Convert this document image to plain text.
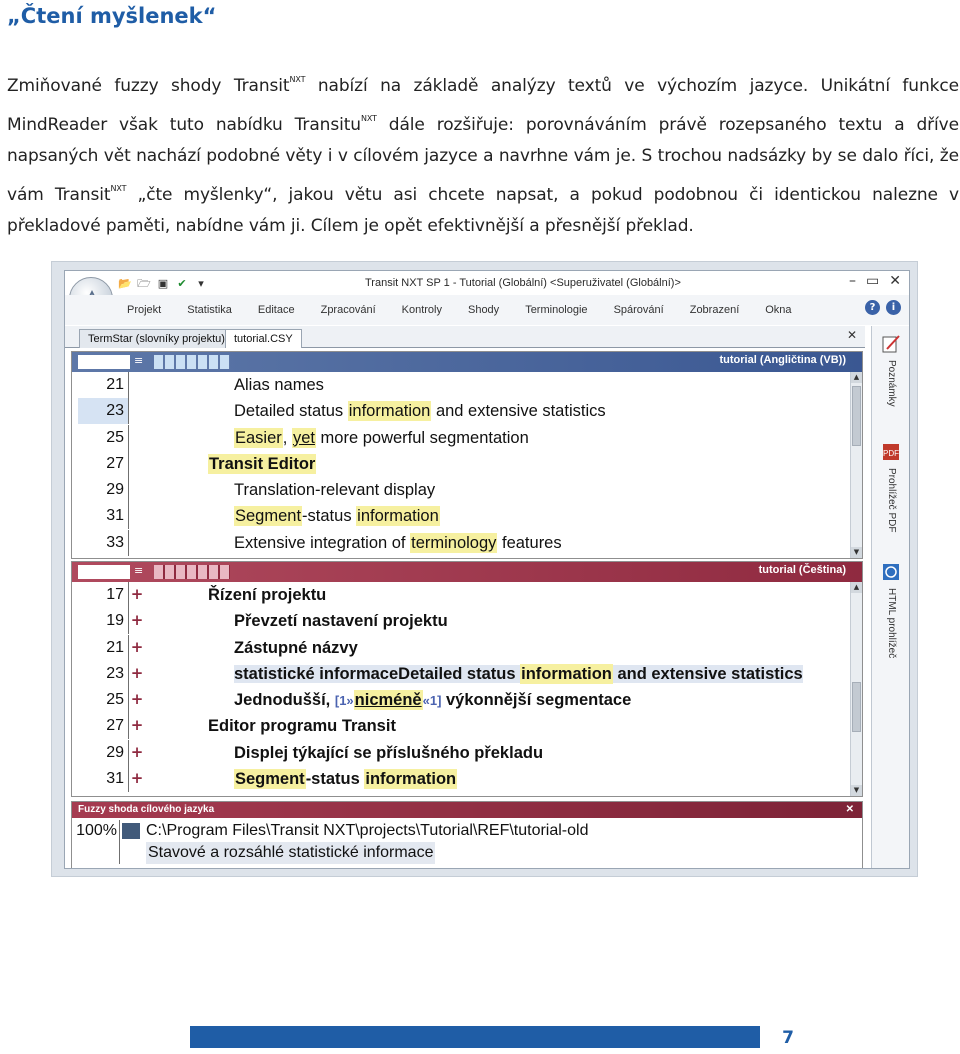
„Čtení myšlenek“
Zmiňované fuzzy shody Transit$^{NXT}$ nabízí na základě analýzy textů ve výchozím jazyce. Unikátní funkce MindReader však tuto nabídku Transitu$^{NXT}$ dále rozšiřuje: porovnáváním právě rozepsaného textu a dříve napsaných vět nachází podobné věty i v cílovém jazyce a navrhne vám je. S trochou nadsázky by se dalo říci, že vám Transit$^{NXT}$ „čte myšlenky“, jakou větu asi chcete napsat, a pokud podobnou či identickou nalezne v překladové paměti, nabídne vám ji. Cílem je opět efektivnější a přesnější překlad.
📂 🗁 ▣ ✔	▾	Transit NXT SP 1 - Tutorial (Globální) <Superuživatel (Globální)>	– ▭ ✕
Projekt Statistika Editace Zpracování Kontroly Shody Terminologie Spárování Zobrazení Okna	?	i
TermStar (slovníky projektu) tutorial.CSY	✕
Poznámky
PDF
Prohlížeč PDF
HTML prohlížeč
≡	tutorial (Angličtina (VB))
21	Alias names
23	Detailed status information and extensive statistics
25	Easier, yet more powerful segmentation
27	Transit Editor
29	Translation-relevant display
31	Segment-status information
33	Extensive integration of terminology features
▲
▼
≡	tutorial (Čeština)
17 +	Řízení projektu
19 +	Převzetí nastavení projektu
21 +	Zástupné názvy
23 +	statistické informaceDetailed status information and extensive statistics
25 +	Jednodušší, [1»nicméně«1] výkonnější segmentace
27 +	Editor programu Transit
29 +	Displej týkající se příslušného překladu
31 +	Segment-status information
▲
▼
Fuzzy shoda cílového jazyka	✕
100% C:\Program Files\Transit NXT\projects\Tutorial\REF\tutorial-old
Stavové a rozsáhlé statistické informace
7
